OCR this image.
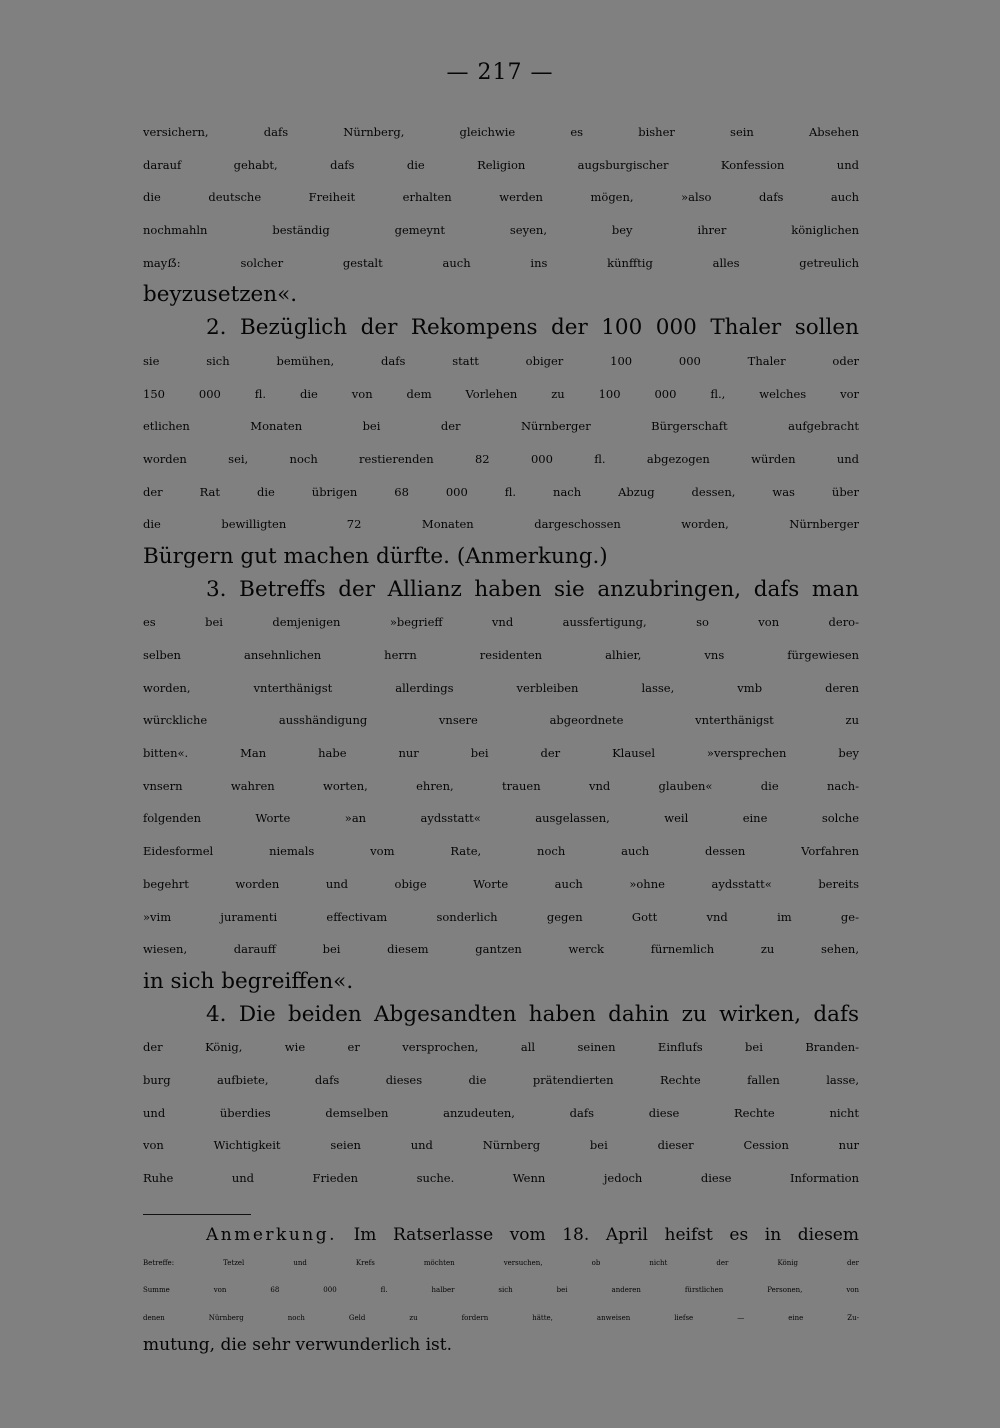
— 217 —
versichern, dafs Nürnberg, gleichwie es bisher sein Absehen
darauf gehabt, dafs die Religion augsburgischer Konfession und
die deutsche Freiheit erhalten werden mögen, »also dafs auch
nochmahln beständig gemeynt seyen, bey ihrer königlichen
mayẞ: solcher gestalt auch ins künfftig alles getreulich
beyzusetzen«.
2. Bezüglich der Rekompens der 100 000 Thaler sollen
sie sich bemühen, dafs statt obiger 100 000 Thaler oder
150 000 fl. die von dem Vorlehen zu 100 000 fl., welches vor
etlichen Monaten bei der Nürnberger Bürgerschaft aufgebracht
worden sei, noch restierenden 82 000 fl. abgezogen würden und
der Rat die übrigen 68 000 fl. nach Abzug dessen, was über
die bewilligten 72 Monaten dargeschossen worden, Nürnberger
Bürgern gut machen dürfte. (Anmerkung.)
3. Betreffs der Allianz haben sie anzubringen, dafs man
es bei demjenigen »begrieff vnd aussfertigung, so von dero-
selben ansehnlichen herrn residenten alhier, vns fürgewiesen
worden, vnterthänigst allerdings verbleiben lasse, vmb deren
würckliche ausshändigung vnsere abgeordnete vnterthänigst zu
bitten«. Man habe nur bei der Klausel »versprechen bey
vnsern wahren worten, ehren, trauen vnd glauben« die nach-
folgenden Worte »an aydsstatt« ausgelassen, weil eine solche
Eidesformel niemals vom Rate, noch auch dessen Vorfahren
begehrt worden und obige Worte auch »ohne aydsstatt« bereits
»vim juramenti effectivam sonderlich gegen Gott vnd im ge-
wiesen, darauff bei diesem gantzen werck fürnemlich zu sehen,
in sich begreiffen«.
4. Die beiden Abgesandten haben dahin zu wirken, dafs
der König, wie er versprochen, all seinen Einflufs bei Branden-
burg aufbiete, dafs dieses die prätendierten Rechte fallen lasse,
und überdies demselben anzudeuten, dafs diese Rechte nicht
von Wichtigkeit seien und Nürnberg bei dieser Cession nur
Ruhe und Frieden suche. Wenn jedoch diese Information
Anmerkung. Im Ratserlasse vom 18. April heifst es in diesem
Betreffe: Tetzel und Krefs möchten versuchen, ob nicht der König der
Summe von 68 000 fl. halber sich bei anderen fürstlichen Personen, von
denen Nürnberg noch Geld zu fordern hätte, anweisen liefse — eine Zu-
mutung, die sehr verwunderlich ist.
